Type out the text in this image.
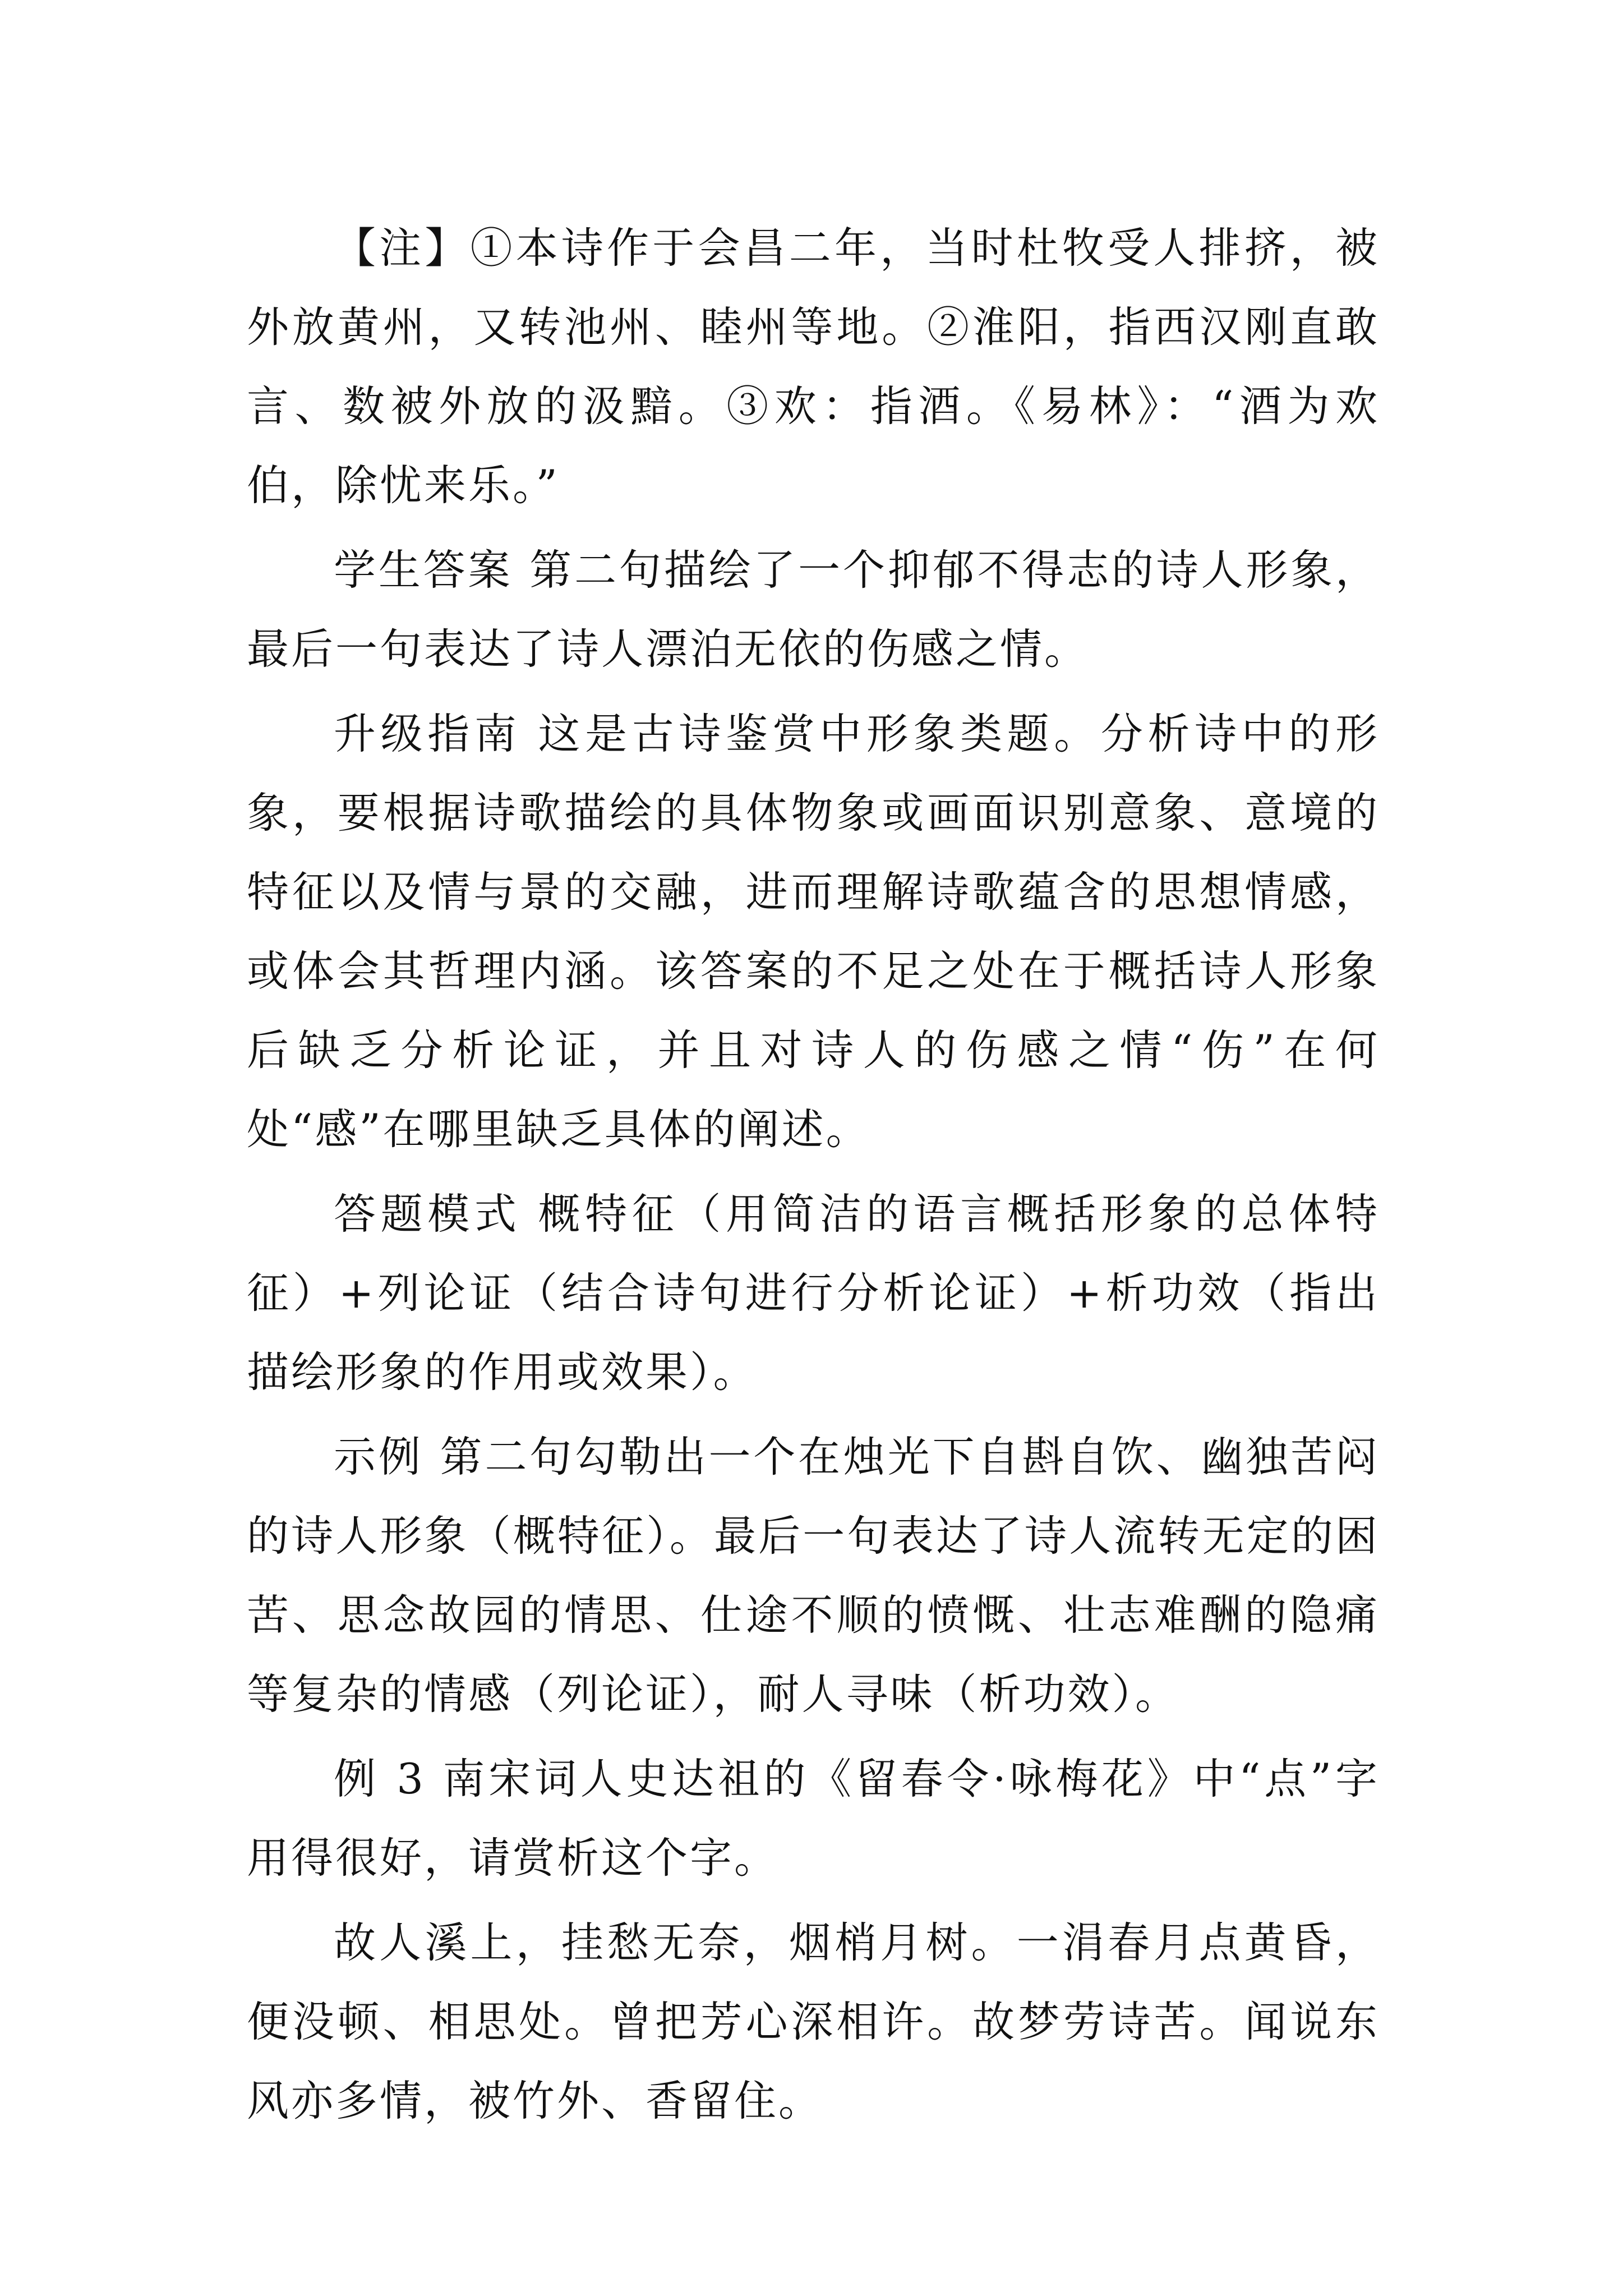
【注】①本诗作于会昌二年，当时杜牧受人排挤，被外放黄州，又转池州、睦州等地。②淮阳，指西汉刚直敢言、数被外放的汲黯。③欢：指酒。《易林》：“酒为欢伯，除忧来乐。”

学生答案 第二句描绘了一个抑郁不得志的诗人形象，最后一句表达了诗人漂泊无依的伤感之情。

升级指南 这是古诗鉴赏中形象类题。分析诗中的形象，要根据诗歌描绘的具体物象或画面识别意象、意境的特征以及情与景的交融，进而理解诗歌蕴含的思想情感，或体会其哲理内涵。该答案的不足之处在于概括诗人形象后缺乏分析论证，并且对诗人的伤感之情“伤”在何处“感”在哪里缺乏具体的阐述。

答题模式 概特征（用简洁的语言概括形象的总体特征）+列论证（结合诗句进行分析论证）+析功效（指出描绘形象的作用或效果）。

示例 第二句勾勒出一个在烛光下自斟自饮、幽独苦闷的诗人形象（概特征）。最后一句表达了诗人流转无定的困苦、思念故园的情思、仕途不顺的愤慨、壮志难酬的隐痛等复杂的情感（列论证），耐人寻味（析功效）。

例 3 南宋词人史达祖的《留春令·咏梅花》中“点”字用得很好，请赏析这个字。

故人溪上，挂愁无奈，烟梢月树。一涓春月点黄昏，便没顿、相思处。曾把芳心深相许。故梦劳诗苦。闻说东风亦多情，被竹外、香留住。
